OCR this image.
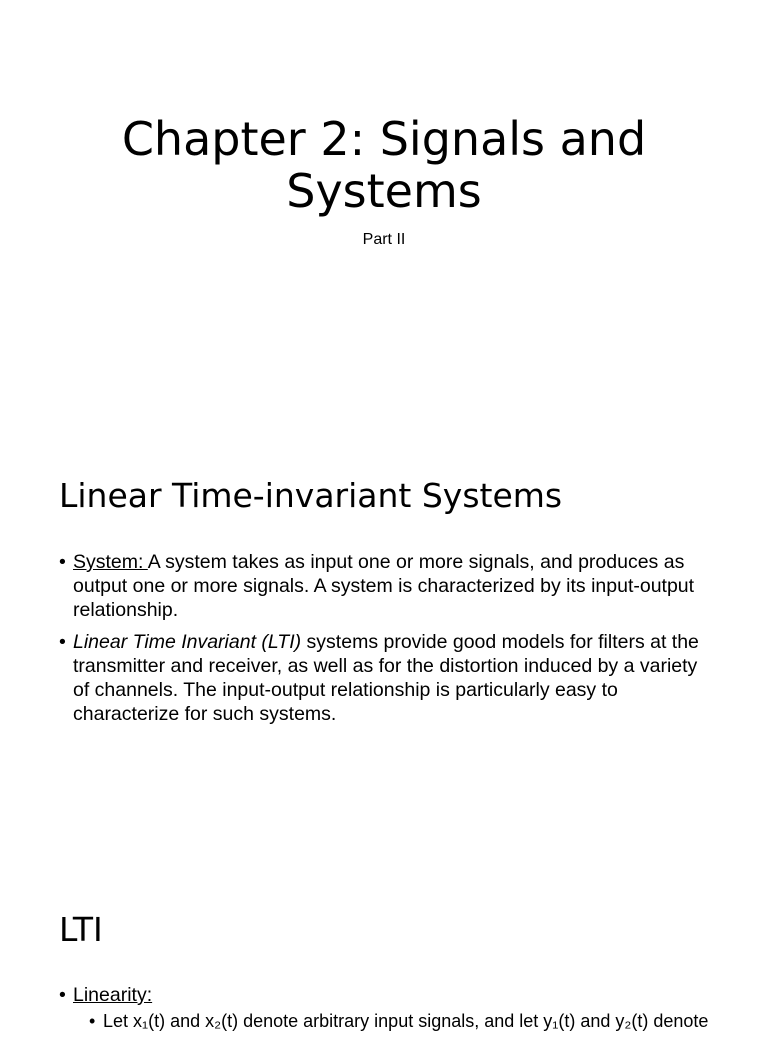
Chapter 2: Signals and
Systems
Part II
Linear Time-invariant Systems
• System: A system takes as input one or more signals, and produces as output one or more signals. A system is characterized by its input-output relationship.
• Linear Time Invariant (LTI) systems provide good models for filters at the transmitter and receiver, as well as for the distortion induced by a variety of channels. The input-output relationship is particularly easy to characterize for such systems.
LTI
• Linearity:
• Let x₁(t) and x₂(t) denote arbitrary input signals, and let y₁(t) and y₂(t) denote
